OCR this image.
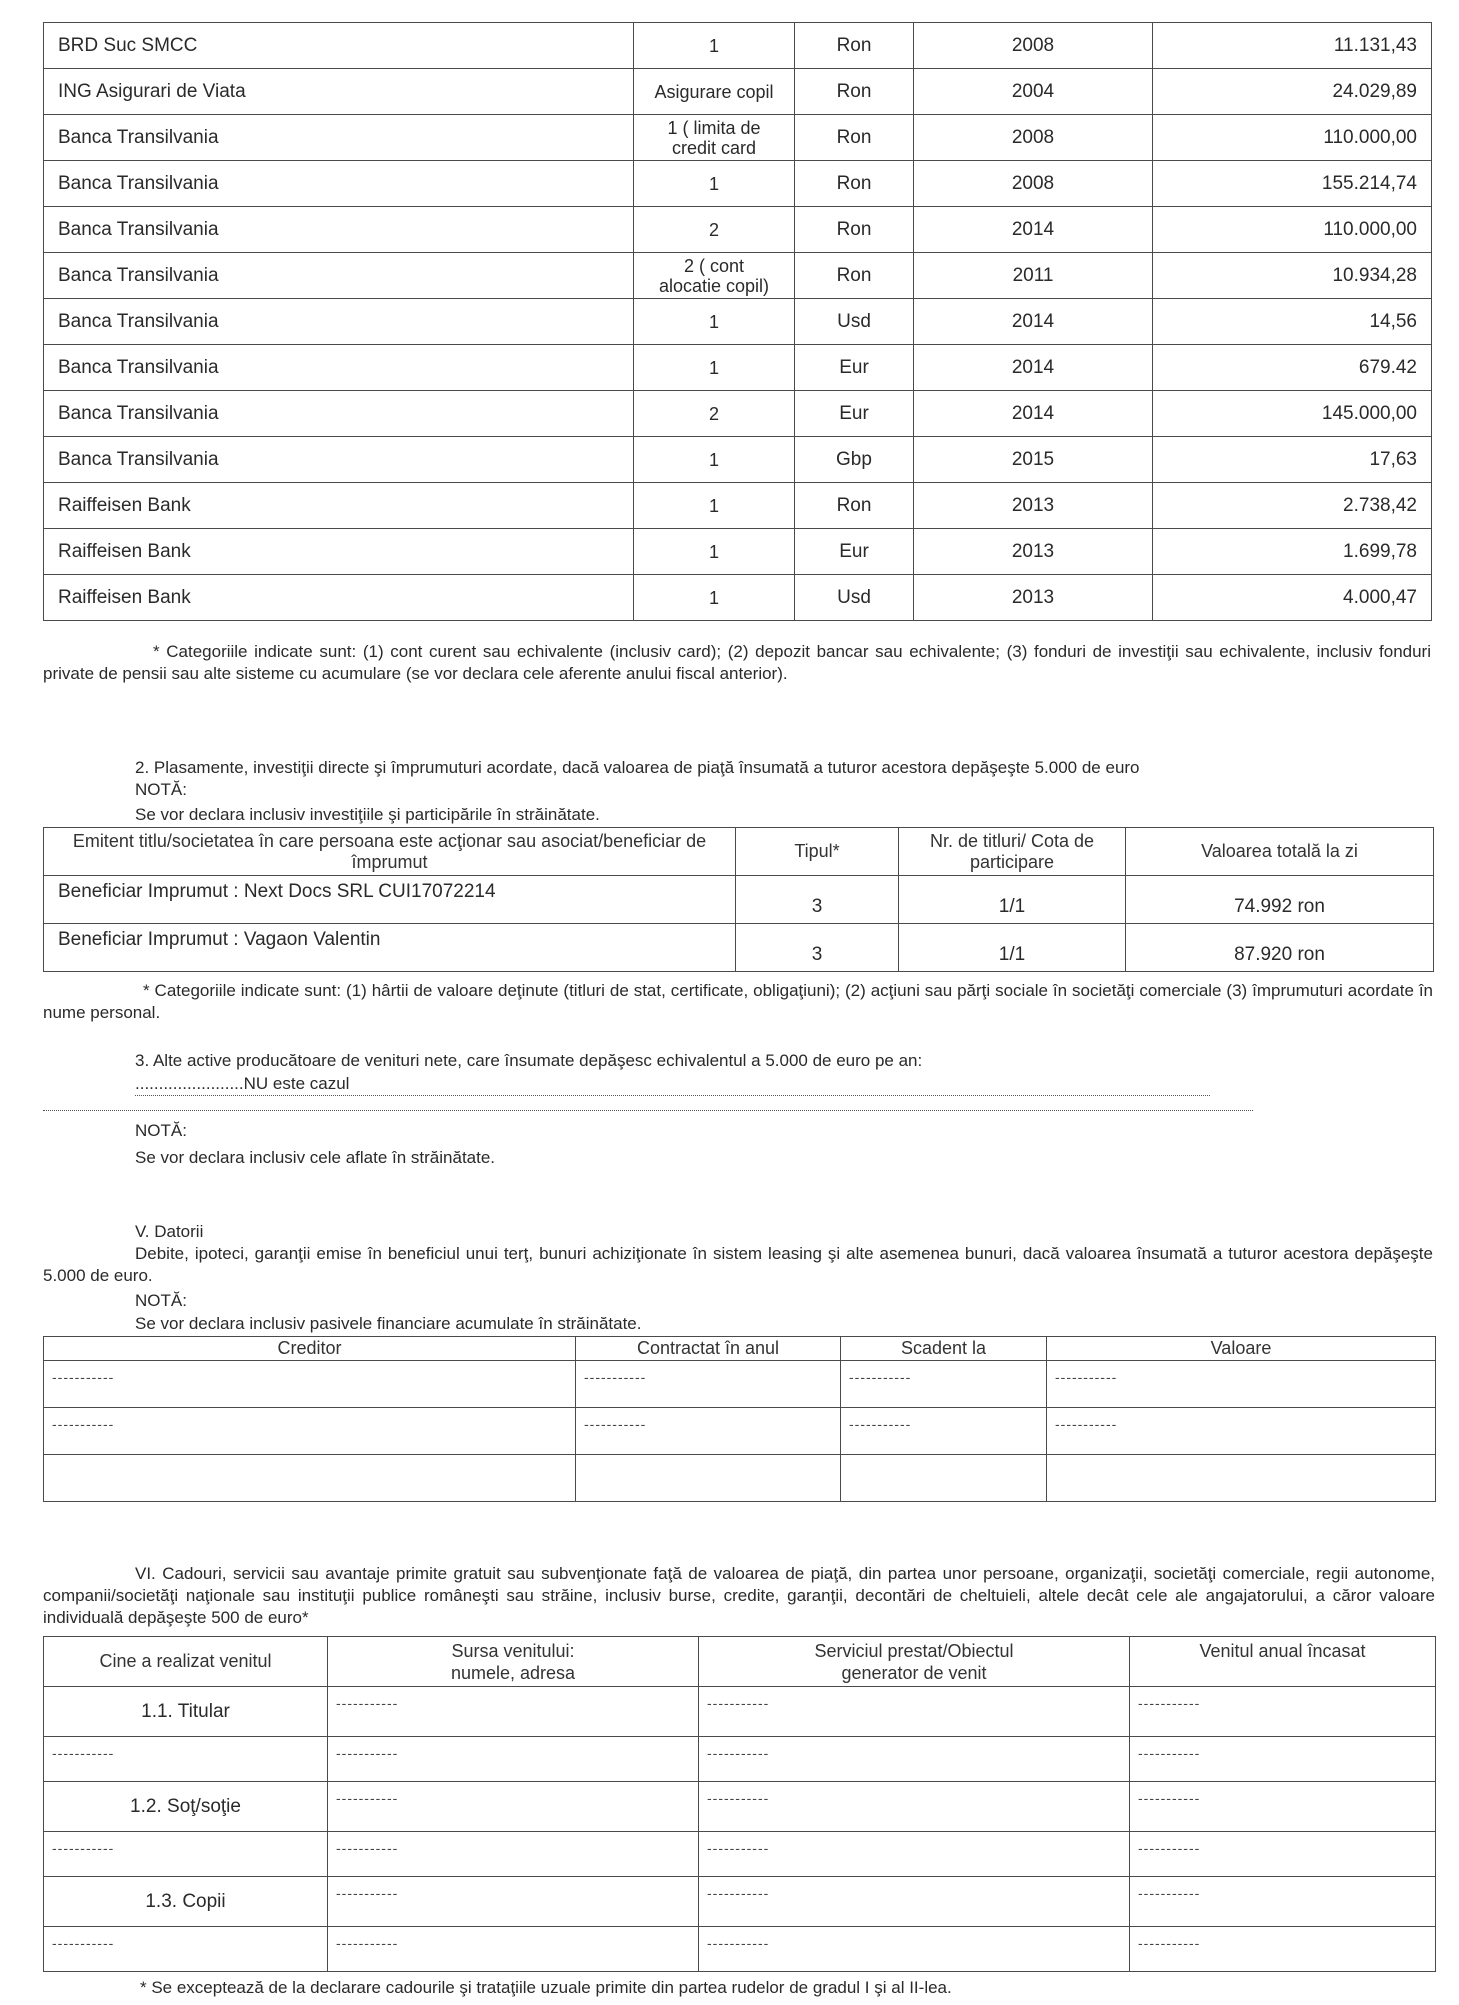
BRD Suc SMCC	1	Ron	2008	11.131,43
ING Asigurari de Viata	Asigurare copil	Ron	2004	24.029,89
Banca Transilvania	1 ( limita de credit card	Ron	2008	110.000,00
Banca Transilvania	1	Ron	2008	155.214,74
Banca Transilvania	2	Ron	2014	110.000,00
Banca Transilvania	2 ( cont alocatie copil)	Ron	2011	10.934,28
Banca Transilvania	1	Usd	2014	14,56
Banca Transilvania	1	Eur	2014	679.42
Banca Transilvania	2	Eur	2014	145.000,00
Banca Transilvania	1	Gbp	2015	17,63
Raiffeisen Bank	1	Ron	2013	2.738,42
Raiffeisen Bank	1	Eur	2013	1.699,78
Raiffeisen Bank	1	Usd	2013	4.000,47
* Categoriile indicate sunt: (1) cont curent sau echivalente (inclusiv card); (2) depozit bancar sau echivalente; (3) fonduri de investiţii sau echivalente, inclusiv fonduri private de pensii sau alte sisteme cu acumulare (se vor declara cele aferente anului fiscal anterior).
2. Plasamente, investiţii directe şi împrumuturi acordate, dacă valoarea de piaţă însumată a tuturor acestora depăşeşte 5.000 de euro
NOTĂ:
Se vor declara inclusiv investiţiile şi participările în străinătate.
Emitent titlu/societatea în care persoana este acţionar sau asociat/beneficiar de împrumut	Tipul*	Nr. de titluri/ Cota de participare	Valoarea totală la zi
Beneficiar Imprumut : Next Docs SRL CUI17072214	3	1/1	74.992 ron
Beneficiar Imprumut : Vagaon Valentin	3	1/1	87.920 ron
* Categoriile indicate sunt: (1) hârtii de valoare deţinute (titluri de stat, certificate, obligaţiuni); (2) acţiuni sau părţi sociale în societăţi comerciale (3) împrumuturi acordate în nume personal.
3. Alte active producătoare de venituri nete, care însumate depăşesc echivalentul a 5.000 de euro pe an:
.......................NU este cazul
NOTĂ:
Se vor declara inclusiv cele aflate în străinătate.
V. Datorii
Debite, ipoteci, garanţii emise în beneficiul unui terţ, bunuri achiziţionate în sistem leasing şi alte asemenea bunuri, dacă valoarea însumată a tuturor acestora depăşeşte 5.000 de euro.
NOTĂ:
Se vor declara inclusiv pasivele financiare acumulate în străinătate.
Creditor	Contractat în anul	Scadent la	Valoare
-----------	-----------	-----------	-----------
-----------	-----------	-----------	-----------

VI. Cadouri, servicii sau avantaje primite gratuit sau subvenţionate faţă de valoarea de piaţă, din partea unor persoane, organizaţii, societăţi comerciale, regii autonome, companii/societăţi naţionale sau instituţii publice româneşti sau străine, inclusiv burse, credite, garanţii, decontări de cheltuieli, altele decât cele ale angajatorului, a căror valoare individuală depăşeşte 500 de euro*
Cine a realizat venitul	Sursa venitului: numele, adresa	Serviciul prestat/Obiectul generator de venit	Venitul anual încasat
1.1. Titular	-----------	-----------	-----------
-----------	-----------	-----------	-----------
1.2. Soţ/soţie	-----------	-----------	-----------
-----------	-----------	-----------	-----------
1.3. Copii	-----------	-----------	-----------
-----------	-----------	-----------	-----------
* Se exceptează de la declarare cadourile şi trataţiile uzuale primite din partea rudelor de gradul I şi al II-lea.
